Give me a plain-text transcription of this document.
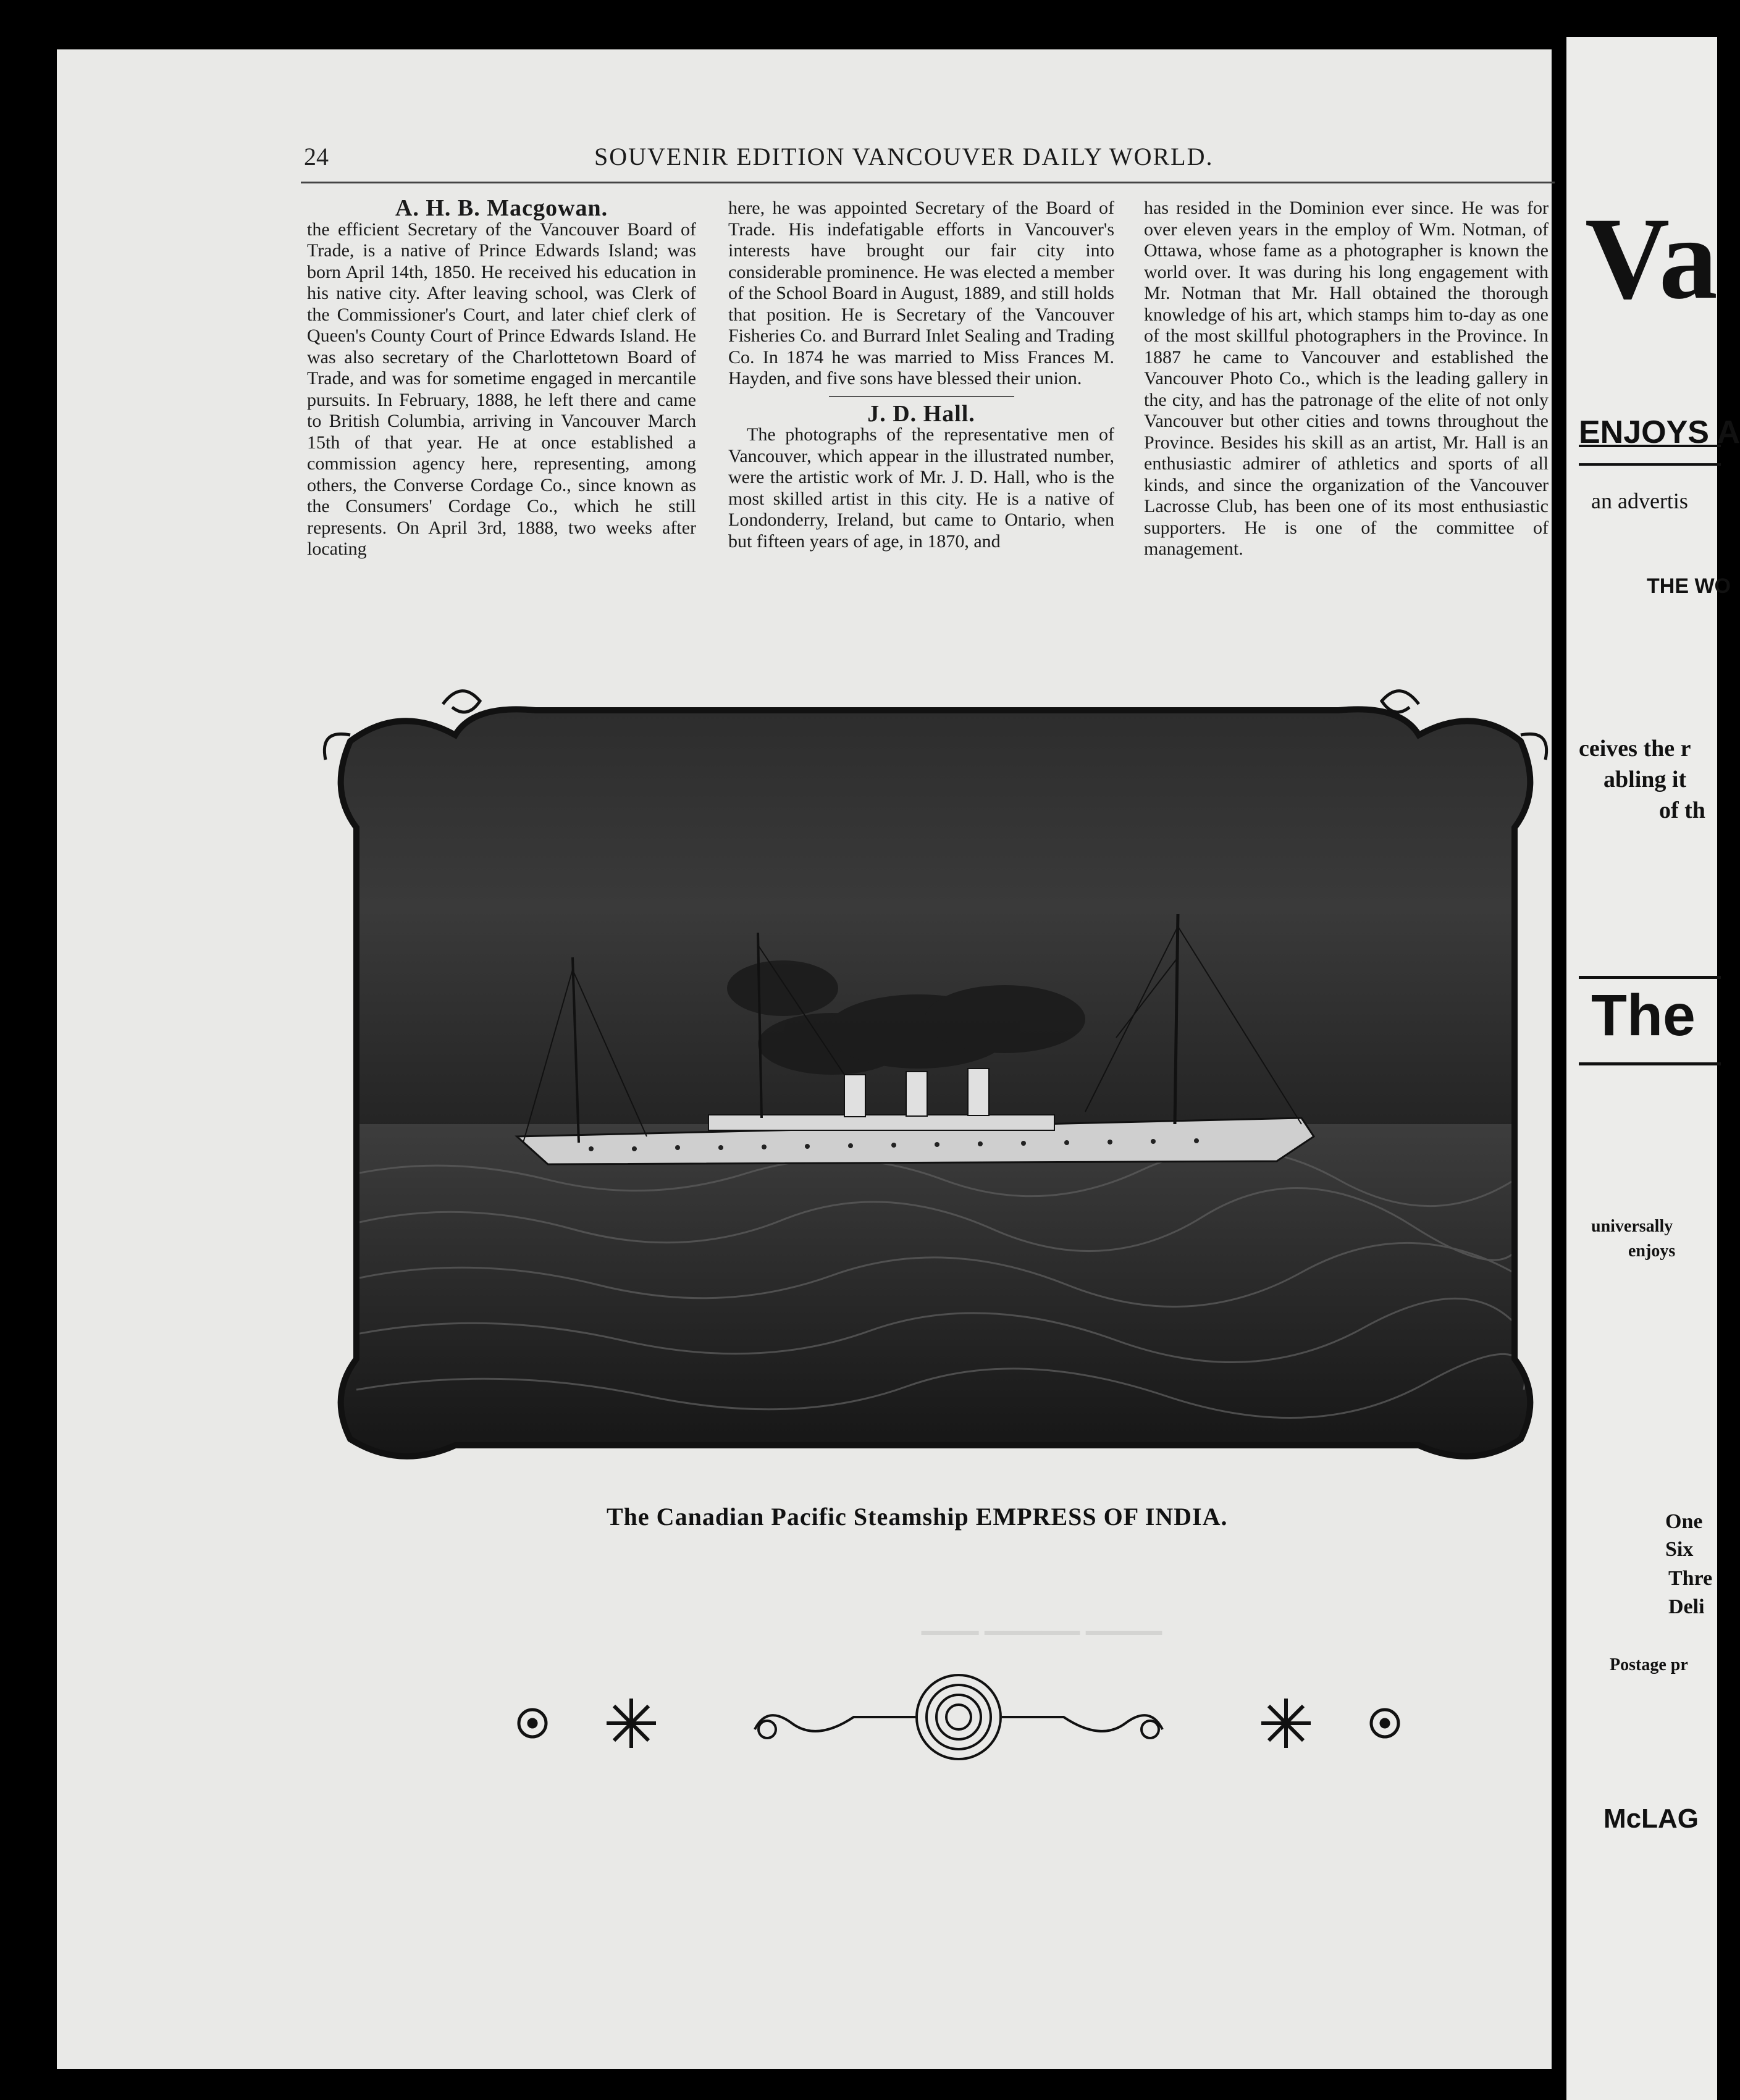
24	SOUVENIR EDITION VANCOUVER DAILY WORLD.

A. H. B. Macgowan.

the efficient Secretary of the Vancouver Board of Trade, is a native of Prince Edwards Island; was born April 14th, 1850. He received his education in his native city. After leaving school, was Clerk of the Commissioner's Court, and later chief clerk of Queen's County Court of Prince Edwards Island. He was also secretary of the Charlottetown Board of Trade, and was for sometime engaged in mercantile pursuits. In February, 1888, he left there and came to British Columbia, arriving in Vancouver March 15th of that year. He at once established a commission agency here, representing, among others, the Converse Cordage Co., since known as the Consumers' Cordage Co., which he still represents. On April 3rd, 1888, two weeks after locating

here, he was appointed Secretary of the Board of Trade. His indefatigable efforts in Vancouver's interests have brought our fair city into considerable prominence. He was elected a member of the School Board in August, 1889, and still holds that position. He is Secretary of the Vancouver Fisheries Co. and Burrard Inlet Sealing and Trading Co. In 1874 he was married to Miss Frances M. Hayden, and five sons have blessed their union.

J. D. Hall.

The photographs of the representative men of Vancouver, which appear in the illustrated number, were the artistic work of Mr. J. D. Hall, who is the most skilled artist in this city. He is a native of Londonderry, Ireland, but came to Ontario, when but fifteen years of age, in 1870, and

has resided in the Dominion ever since. He was for over eleven years in the employ of Wm. Notman, of Ottawa, whose fame as a photographer is known the world over. It was during his long engagement with Mr. Notman that Mr. Hall obtained the thorough knowledge of his art, which stamps him to-day as one of the most skillful photographers in the Province. In 1887 he came to Vancouver and established the Vancouver Photo Co., which is the leading gallery in the city, and has the patronage of the elite of not only Vancouver but other cities and towns throughout the Province. Besides his skill as an artist, Mr. Hall is an enthusiastic admirer of athletics and sports of all kinds, and since the organization of the Vancouver Lacrosse Club, has been one of its most enthusiastic supporters. He is one of the committee of management.

▁▁▁ ▁▁▁▁▁ ▁▁▁▁
The Canadian Pacific Steamship EMPRESS OF INDIA.
Va
ENJOYS A
an advertis
THE WO
ceives the r
abling it
of th
The
universally
enjoys
One
Six
Thre
Deli
Postage pr
McLAG
